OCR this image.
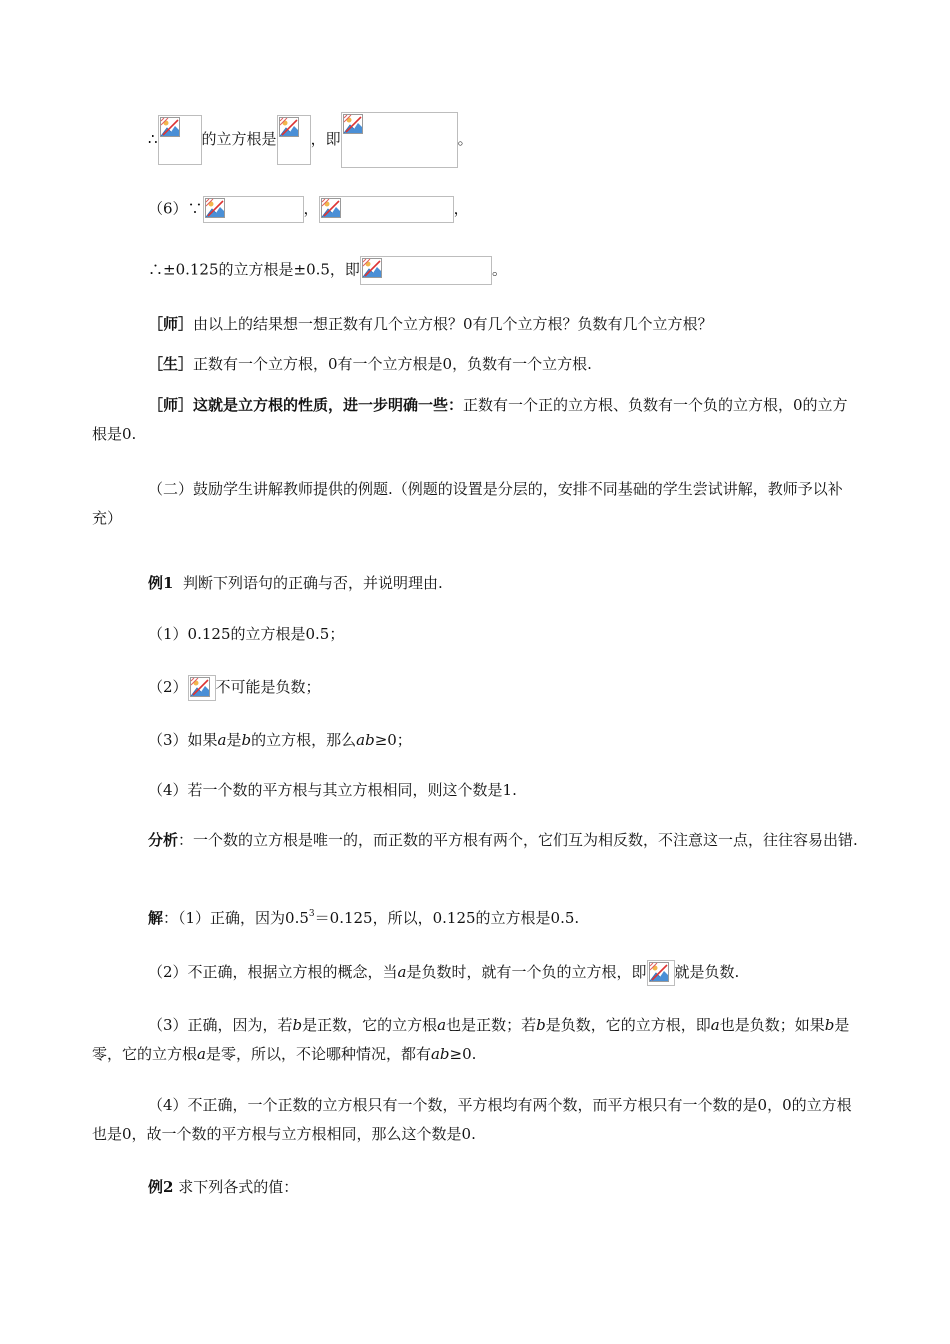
∴	的立方根是 ，即	。
（6）∵	，	，
∴±0.125的立方根是±0.5，即	。
［师］由以上的结果想一想正数有几个立方根？0有几个立方根？负数有几个立方根？
［生］正数有一个立方根，0有一个立方根是0，负数有一个立方根.
［师］这就是立方根的性质，进一步明确一些：正数有一个正的立方根、负数有一个负的立方根，0的立方根是0.
（二）鼓励学生讲解教师提供的例题.（例题的设置是分层的，安排不同基础的学生尝试讲解，教师予以补充）
例1 判断下列语句的正确与否，并说明理由.
（1）0.125的立方根是0.5；
（2） 不可能是负数；
（3）如果a是b的立方根，那么ab≥0；
（4）若一个数的平方根与其立方根相同，则这个数是1.
分析：一个数的立方根是唯一的，而正数的平方根有两个，它们互为相反数，不注意这一点，往往容易出错.
解：（1）正确，因为$0.5^3=0.125$，所以，0.125的立方根是0.5.
（2）不正确，根据立方根的概念，当a是负数时，就有一个负的立方根，即 就是负数.
（3）正确，因为，若b是正数，它的立方根a也是正数；若b是负数，它的立方根，即a也是负数；如果b是零，它的立方根a是零，所以，不论哪种情况，都有ab≥0.
（4）不正确，一个正数的立方根只有一个数，平方根均有两个数，而平方根只有一个数的是0，0的立方根也是0，故一个数的平方根与立方根相同，那么这个数是0.
例2 求下列各式的值：
